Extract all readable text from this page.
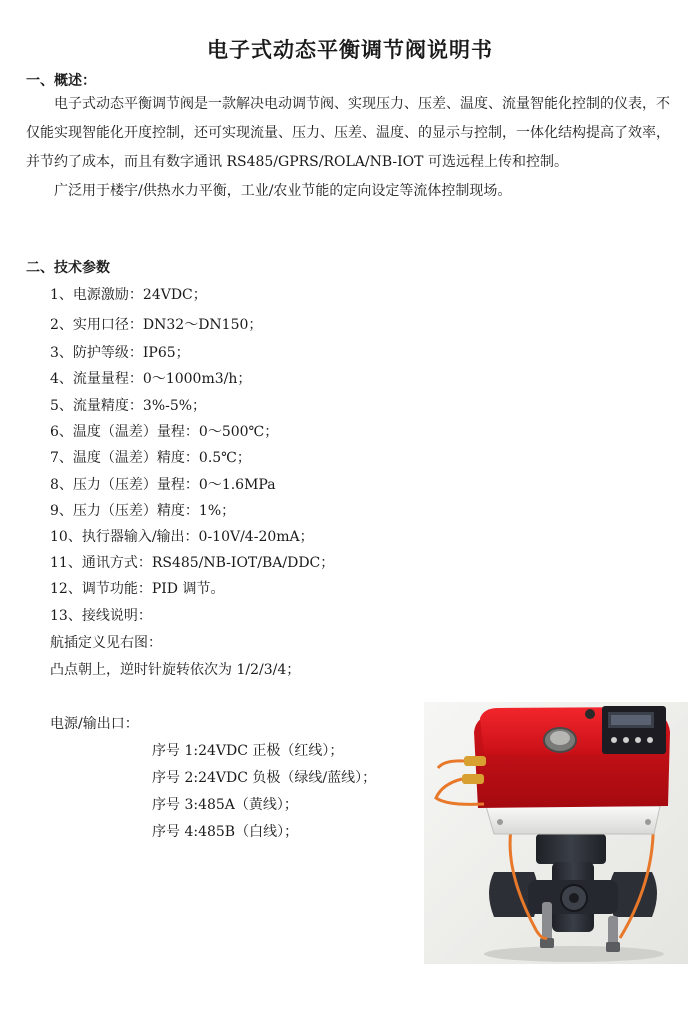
电子式动态平衡调节阀说明书
一、概述：

电子式动态平衡调节阀是一款解决电动调节阀、实现压力、压差、温度、流量智能化控制的仪表，不仅能实现智能化开度控制，还可实现流量、压力、压差、温度、的显示与控制，一体化结构提高了效率，并节约了成本，而且有数字通讯 RS485/GPRS/ROLA/NB-IOT 可选远程上传和控制。

广泛用于楼宇/供热水力平衡，工业/农业节能的定向设定等流体控制现场。

二、技术参数
1、电源激励：24VDC；
2、实用口径：DN32～DN150；
3、防护等级：IP65；
4、流量量程：0～1000m3/h；
5、流量精度：3%-5%；
6、温度（温差）量程：0～500℃；
7、温度（温差）精度：0.5℃；
8、压力（压差）量程：0～1.6MPa
9、压力（压差）精度：1%；
10、执行器输入/输出：0-10V/4-20mA；
11、通讯方式：RS485/NB-IOT/BA/DDC；
12、调节功能：PID 调节。
13、接线说明：
航插定义见右图：
凸点朝上，逆时针旋转依次为 1/2/3/4；
电源/输出口：
序号 1:24VDC 正极（红线）；
序号 2:24VDC 负极（绿线/蓝线）；
序号 3:485A（黄线）；
序号 4:485B（白线）；
